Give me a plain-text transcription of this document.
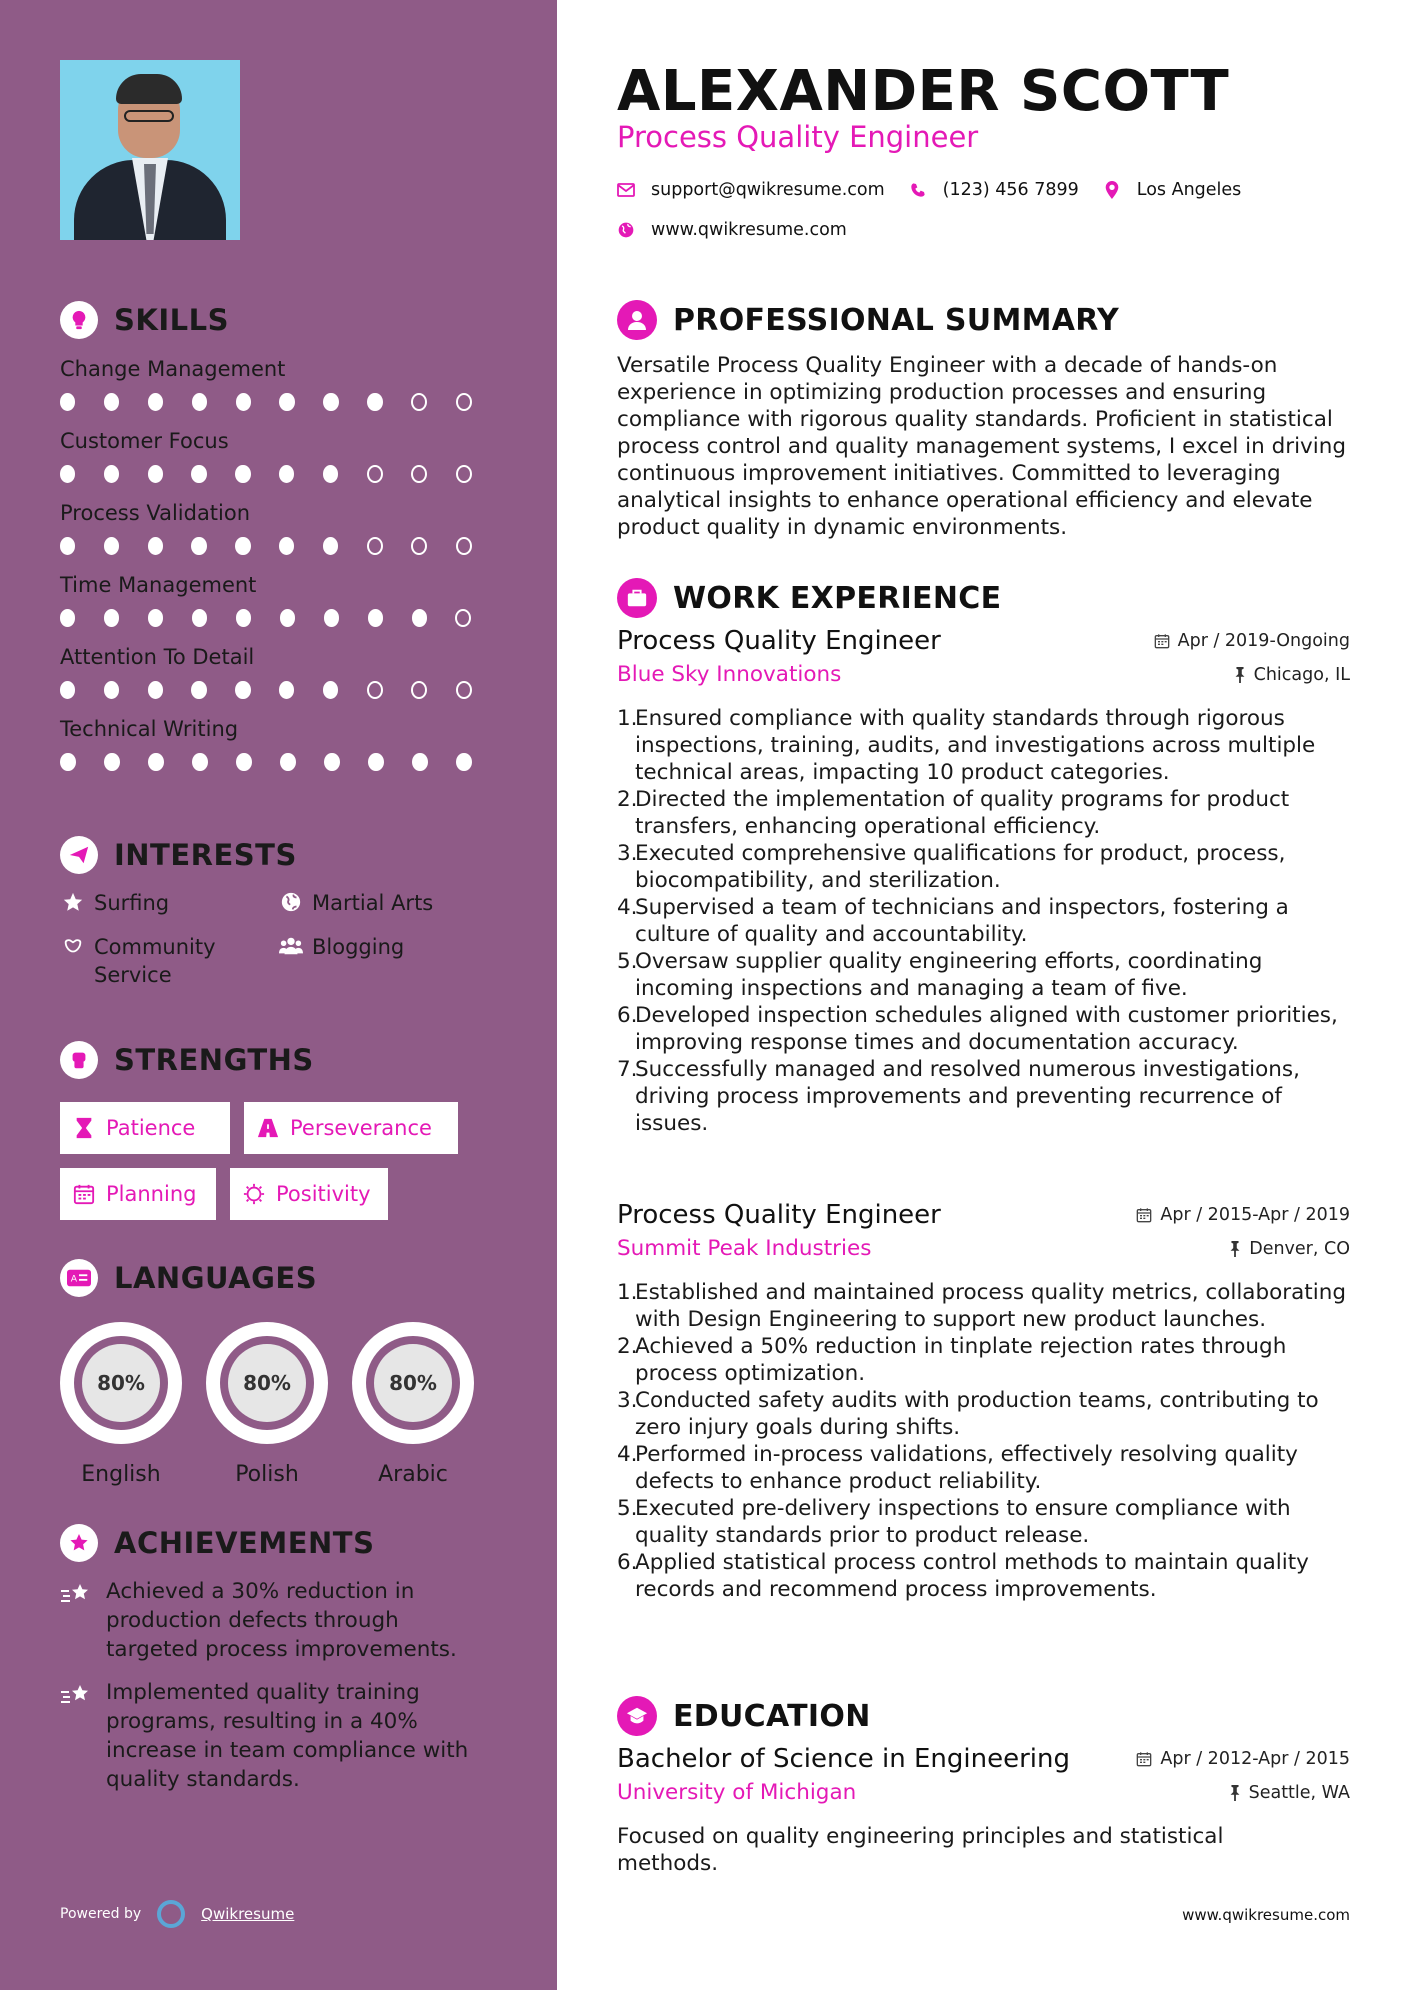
SKILLS
Change Management
Customer Focus
Process Validation
Time Management
Attention To Detail
Technical Writing
INTERESTS
Surfing	Martial Arts
Community Service
Blogging
STRENGTHS
Patience	Perseverance
Planning	Positivity
A LANGUAGES
80%
English
80%
Polish
80%
Arabic
ACHIEVEMENTS
Achieved a 30% reduction in production defects through targeted process improvements.
Implemented quality training programs, resulting in a 40% increase in team compliance with quality standards.
Powered by	Qwikresume
ALEXANDER SCOTT
Process Quality Engineer
support@qwikresume.com	(123) 456 7899	Los Angeles
www.qwikresume.com
PROFESSIONAL SUMMARY

Versatile Process Quality Engineer with a decade of hands-on experience in optimizing production processes and ensuring compliance with rigorous quality standards. Proficient in statistical process control and quality management systems, I excel in driving continuous improvement initiatives. Committed to leveraging analytical insights to enhance operational efficiency and elevate product quality in dynamic environments.

WORK EXPERIENCE
Process Quality Engineer	Apr / 2019-Ongoing
Blue Sky Innovations	Chicago, IL
1.
Ensured compliance with quality standards through rigorous inspections, training, audits, and investigations across multiple technical areas, impacting 10 product categories.
2.
Directed the implementation of quality programs for product transfers, enhancing operational efficiency.
3.
Executed comprehensive qualifications for product, process, biocompatibility, and sterilization.
4.
Supervised a team of technicians and inspectors, fostering a culture of quality and accountability.
5.
Oversaw supplier quality engineering efforts, coordinating incoming inspections and managing a team of five.
6.
Developed inspection schedules aligned with customer priorities, improving response times and documentation accuracy.
7.
Successfully managed and resolved numerous investigations, driving process improvements and preventing recurrence of issues.
Process Quality Engineer	Apr / 2015-Apr / 2019
Summit Peak Industries	Denver, CO
1.
Established and maintained process quality metrics, collaborating with Design Engineering to support new product launches.
2.
Achieved a 50% reduction in tinplate rejection rates through process optimization.
3.
Conducted safety audits with production teams, contributing to zero injury goals during shifts.
4.
Performed in-process validations, effectively resolving quality defects to enhance product reliability.
5.
Executed pre-delivery inspections to ensure compliance with quality standards prior to product release.
6.
Applied statistical process control methods to maintain quality records and recommend process improvements.
EDUCATION
Bachelor of Science in Engineering	Apr / 2012-Apr / 2015
University of Michigan	Seattle, WA

Focused on quality engineering principles and statistical methods.

www.qwikresume.com
